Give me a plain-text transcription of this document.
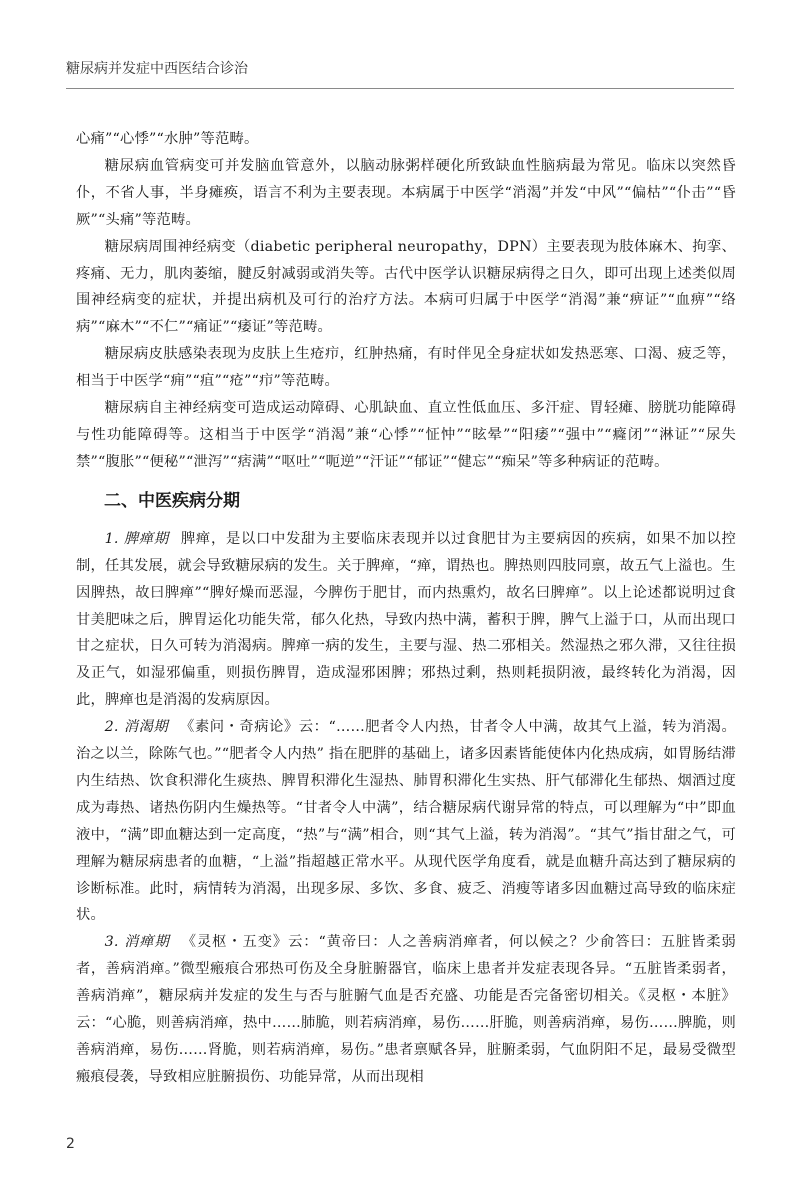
糖尿病并发症中西医结合诊治

心痛”“心悸”“水肿”等范畴。

糖尿病血管病变可并发脑血管意外，以脑动脉粥样硬化所致缺血性脑病最为常见。临床以突然昏仆，不省人事，半身瘫痪，语言不利为主要表现。本病属于中医学“消渴”并发“中风”“偏枯”“仆击”“昏厥”“头痛”等范畴。

糖尿病周围神经病变（diabetic peripheral neuropathy，DPN）主要表现为肢体麻木、拘挛、疼痛、无力，肌肉萎缩，腱反射减弱或消失等。古代中医学认识糖尿病得之日久，即可出现上述类似周围神经病变的症状，并提出病机及可行的治疗方法。本病可归属于中医学“消渴”兼“痹证”“血痹”“络病”“麻木”“不仁”“痛证”“痿证”等范畴。

糖尿病皮肤感染表现为皮肤上生疮疖，红肿热痛，有时伴见全身症状如发热恶寒、口渴、疲乏等，相当于中医学“痈”“疽”“疮”“疖”等范畴。

糖尿病自主神经病变可造成运动障碍、心肌缺血、直立性低血压、多汗症、胃轻瘫、膀胱功能障碍与性功能障碍等。这相当于中医学“消渴”兼“心悸”“怔忡”“眩晕”“阳痿”“强中”“癃闭”“淋证”“尿失禁”“腹胀”“便秘”“泄泻”“痞满”“呕吐”“呃逆”“汗证”“郁证”“健忘”“痴呆”等多种病证的范畴。

二、中医疾病分期

1. 脾瘅期 脾瘅，是以口中发甜为主要临床表现并以过食肥甘为主要病因的疾病，如果不加以控制，任其发展，就会导致糖尿病的发生。关于脾瘅，“瘅，谓热也。脾热则四肢同禀，故五气上溢也。生因脾热，故曰脾瘅”“脾好燥而恶湿，今脾伤于肥甘，而内热熏灼，故名曰脾瘅”。以上论述都说明过食甘美肥味之后，脾胃运化功能失常，郁久化热，导致内热中满，蓄积于脾，脾气上溢于口，从而出现口甘之症状，日久可转为消渴病。脾瘅一病的发生，主要与湿、热二邪相关。然湿热之邪久滞，又往往损及正气，如湿邪偏重，则损伤脾胃，造成湿邪困脾；邪热过剩，热则耗损阴液，最终转化为消渴，因此，脾瘅也是消渴的发病原因。

2. 消渴期 《素问・奇病论》云：“……肥者令人内热，甘者令人中满，故其气上溢，转为消渴。治之以兰，除陈气也。”“肥者令人内热” 指在肥胖的基础上，诸多因素皆能使体内化热成病，如胃肠结滞内生结热、饮食积滞化生痰热、脾胃积滞化生湿热、肺胃积滞化生实热、肝气郁滞化生郁热、烟酒过度成为毒热、诸热伤阴内生燥热等。“甘者令人中满”，结合糖尿病代谢异常的特点，可以理解为“中”即血液中，“满”即血糖达到一定高度，“热”与“满”相合，则“其气上溢，转为消渴”。“其气”指甘甜之气，可理解为糖尿病患者的血糖，“上溢”指超越正常水平。从现代医学角度看，就是血糖升高达到了糖尿病的诊断标准。此时，病情转为消渴，出现多尿、多饮、多食、疲乏、消瘦等诸多因血糖过高导致的临床症状。

3. 消瘅期 《灵枢・五变》云：“黄帝曰：人之善病消瘅者，何以候之？少俞答曰：五脏皆柔弱者，善病消瘅。”微型瘢痕合邪热可伤及全身脏腑器官，临床上患者并发症表现各异。“五脏皆柔弱者，善病消瘅”，糖尿病并发症的发生与否与脏腑气血是否充盛、功能是否完备密切相关。《灵枢・本脏》云：“心脆，则善病消瘅，热中……肺脆，则若病消瘅，易伤……肝脆，则善病消瘅，易伤……脾脆，则善病消瘅，易伤……肾脆，则若病消瘅，易伤。”患者禀赋各异，脏腑柔弱，气血阴阳不足，最易受微型瘢痕侵袭，导致相应脏腑损伤、功能异常，从而出现相

2
